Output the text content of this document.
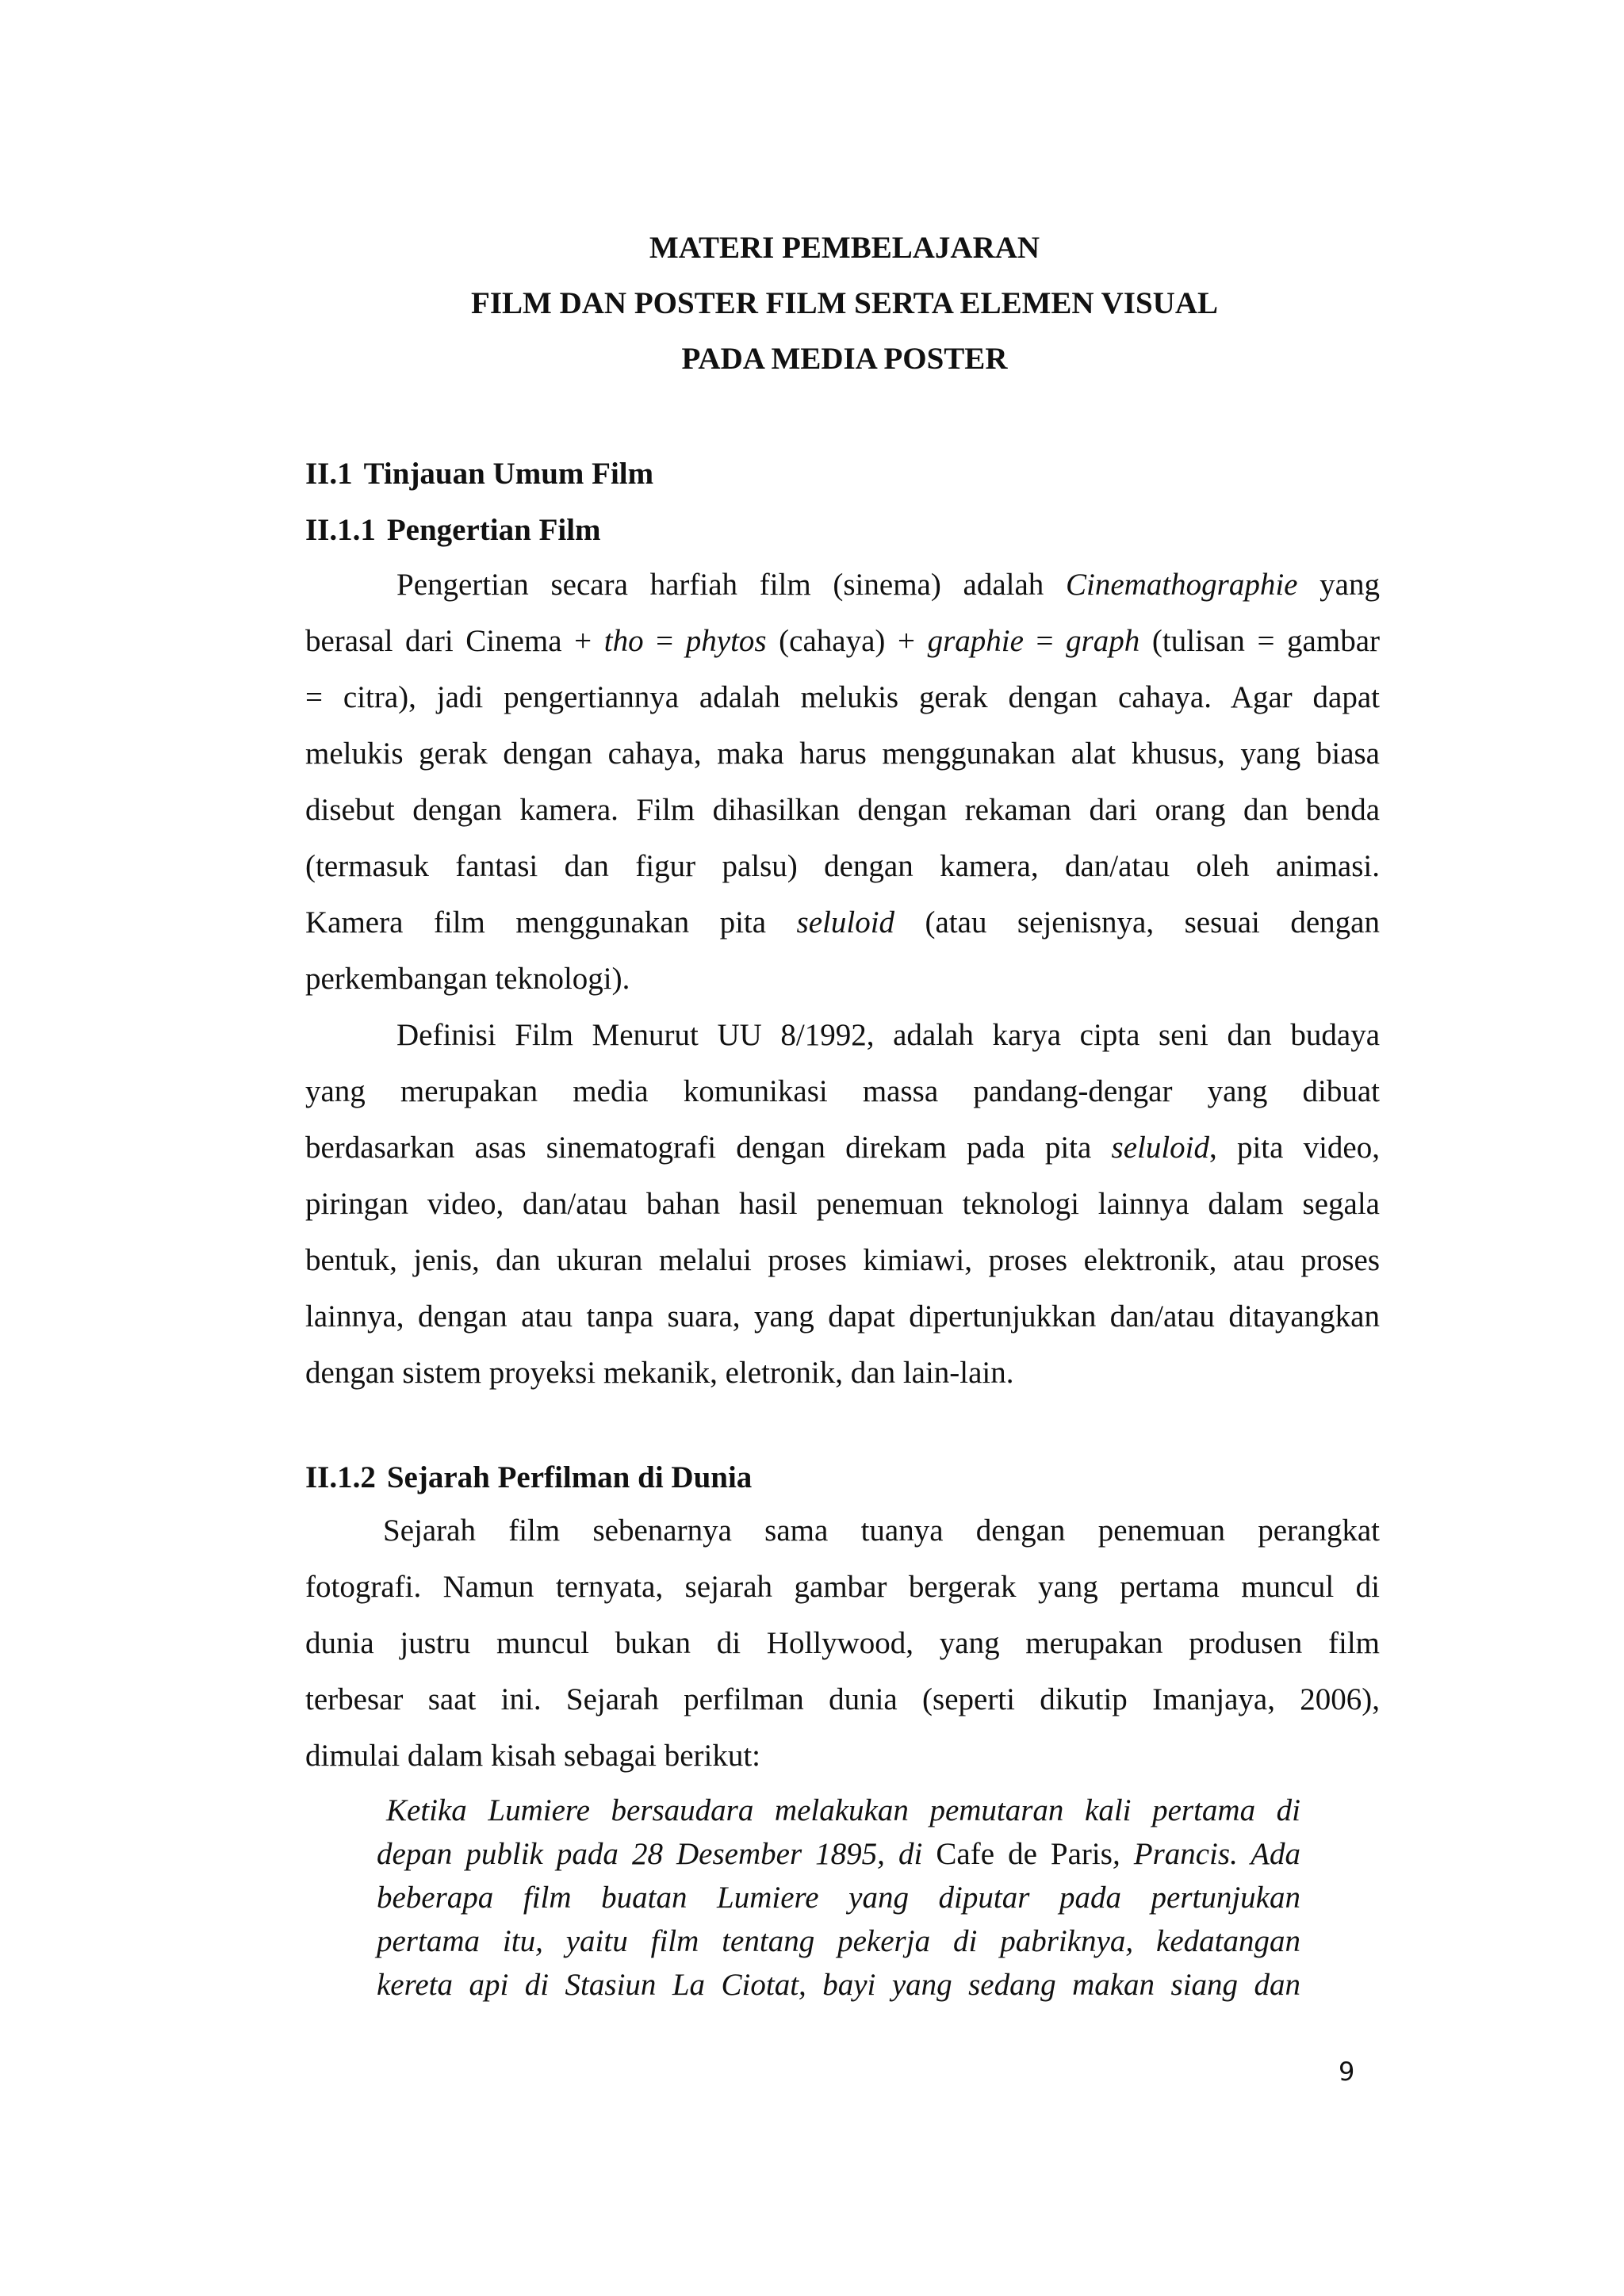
MATERI PEMBELAJARAN
FILM DAN POSTER FILM SERTA ELEMEN VISUAL
PADA MEDIA POSTER
II.1 Tinjauan Umum Film
II.1.1 Pengertian Film
Pengertian secara harfiah film (sinema) adalah Cinemathographie yang
berasal dari Cinema + tho = phytos (cahaya) + graphie = graph (tulisan = gambar
= citra), jadi pengertiannya adalah melukis gerak dengan cahaya. Agar dapat
melukis gerak dengan cahaya, maka harus menggunakan alat khusus, yang biasa
disebut dengan kamera. Film dihasilkan dengan rekaman dari orang dan benda
(termasuk fantasi dan figur palsu) dengan kamera, dan/atau oleh animasi.
Kamera film menggunakan pita seluloid (atau sejenisnya, sesuai dengan
perkembangan teknologi).
Definisi Film Menurut UU 8/1992, adalah karya cipta seni dan budaya
yang merupakan media komunikasi massa pandang-dengar yang dibuat
berdasarkan asas sinematografi dengan direkam pada pita seluloid, pita video,
piringan video, dan/atau bahan hasil penemuan teknologi lainnya dalam segala
bentuk, jenis, dan ukuran melalui proses kimiawi, proses elektronik, atau proses
lainnya, dengan atau tanpa suara, yang dapat dipertunjukkan dan/atau ditayangkan
dengan sistem proyeksi mekanik, eletronik, dan lain-lain.
II.1.2 Sejarah Perfilman di Dunia
Sejarah film sebenarnya sama tuanya dengan penemuan perangkat
fotografi. Namun ternyata, sejarah gambar bergerak yang pertama muncul di
dunia justru muncul bukan di Hollywood, yang merupakan produsen film
terbesar saat ini. Sejarah perfilman dunia (seperti dikutip Imanjaya, 2006),
dimulai dalam kisah sebagai berikut:
Ketika Lumiere bersaudara melakukan pemutaran kali pertama di
depan publik pada 28 Desember 1895, di Cafe de Paris, Prancis. Ada
beberapa film buatan Lumiere yang diputar pada pertunjukan
pertama itu, yaitu film tentang pekerja di pabriknya, kedatangan
kereta api di Stasiun La Ciotat, bayi yang sedang makan siang dan
9
